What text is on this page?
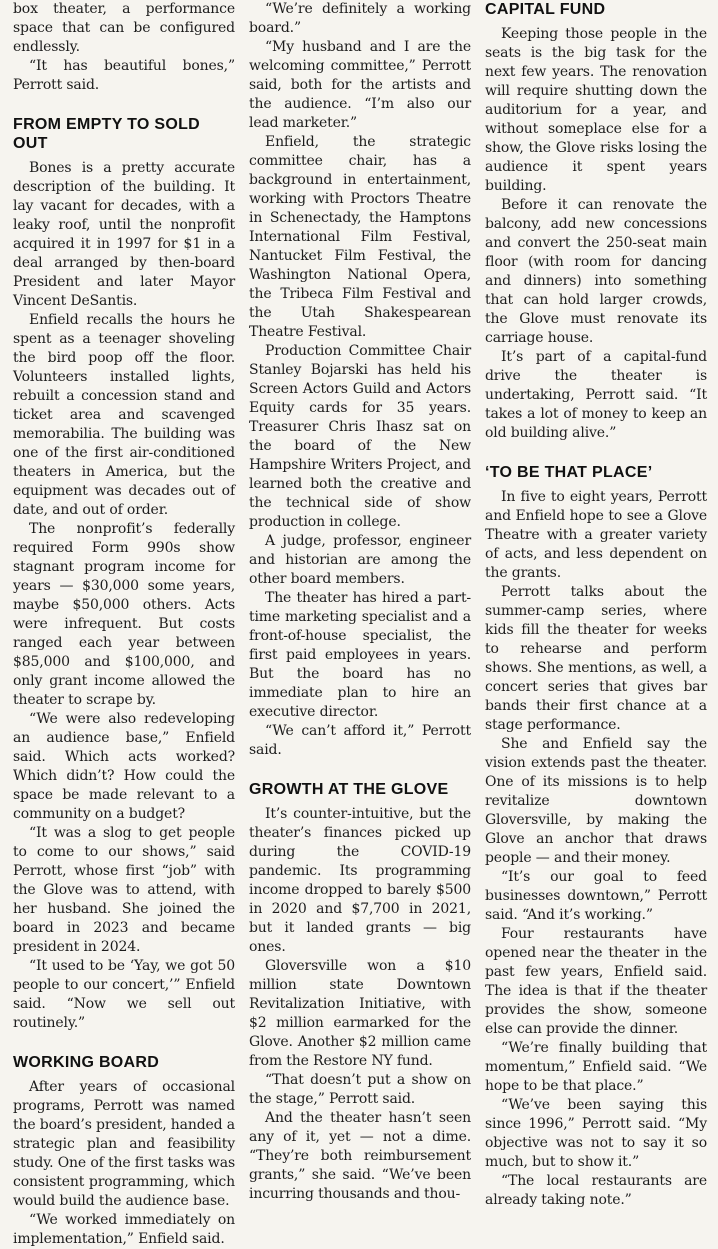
box theater, a performance space that can be configured endlessly.

“It has beautiful bones,” Perrott said.

FROM EMPTY TO SOLD OUT

Bones is a pretty accurate description of the building. It lay vacant for decades, with a leaky roof, until the nonprofit acquired it in 1997 for $1 in a deal arranged by then-board President and later Mayor Vincent DeSantis.

Enfield recalls the hours he spent as a teenager shoveling the bird poop off the floor. Volunteers installed lights, rebuilt a concession stand and ticket area and scavenged memorabilia. The building was one of the first air-conditioned theaters in America, but the equipment was decades out of date, and out of order.

The nonprofit’s federally required Form 990s show stagnant program income for years — $30,000 some years, maybe $50,000 others. Acts were infrequent. But costs ranged each year between $85,000 and $100,000, and only grant income allowed the theater to scrape by.

“We were also redeveloping an audience base,” Enfield said. Which acts worked? Which didn’t? How could the space be made relevant to a community on a budget?

“It was a slog to get people to come to our shows,” said Perrott, whose first “job” with the Glove was to attend, with her husband. She joined the board in 2023 and became president in 2024.

“It used to be ‘Yay, we got 50 people to our concert,’” Enfield said. “Now we sell out routinely.”

WORKING BOARD

After years of occasional programs, Perrott was named the board’s president, handed a strategic plan and feasibility study. One of the first tasks was consistent programming, which would build the audience base.

“We worked immediately on implementation,” Enfield said.

“We’re definitely a working board.”

“My husband and I are the welcoming committee,” Perrott said, both for the artists and the audience. “I’m also our lead marketer.”

Enfield, the strategic committee chair, has a background in entertainment, working with Proctors Theatre in Schenectady, the Hamptons International Film Festival, Nantucket Film Festival, the Washington National Opera, the Tribeca Film Festival and the Utah Shakespearean Theatre Festival.

Production Committee Chair Stanley Bojarski has held his Screen Actors Guild and Actors Equity cards for 35 years. Treasurer Chris Ihasz sat on the board of the New Hampshire Writers Project, and learned both the creative and the technical side of show production in college.

A judge, professor, engineer and historian are among the other board members.

The theater has hired a part-time marketing specialist and a front-of-house specialist, the first paid employees in years. But the board has no immediate plan to hire an executive director.

“We can’t afford it,” Perrott said.

GROWTH AT THE GLOVE

It’s counter-intuitive, but the theater’s finances picked up during the COVID-19 pandemic. Its programming income dropped to barely $500 in 2020 and $7,700 in 2021, but it landed grants — big ones.

Gloversville won a $10 million state Downtown Revitalization Initiative, with $2 million earmarked for the Glove. Another $2 million came from the Restore NY fund.

“That doesn’t put a show on the stage,” Perrott said.

And the theater hasn’t seen any of it, yet — not a dime. “They’re both reimbursement grants,” she said. “We’ve been incurring thousands and thou-

CAPITAL FUND

Keeping those people in the seats is the big task for the next few years. The renovation will require shutting down the auditorium for a year, and without someplace else for a show, the Glove risks losing the audience it spent years building.

Before it can renovate the balcony, add new concessions and convert the 250-seat main floor (with room for dancing and dinners) into something that can hold larger crowds, the Glove must renovate its carriage house.

It’s part of a capital-fund drive the theater is undertaking, Perrott said. “It takes a lot of money to keep an old building alive.”

‘TO BE THAT PLACE’

In five to eight years, Perrott and Enfield hope to see a Glove Theatre with a greater variety of acts, and less dependent on the grants.

Perrott talks about the summer-camp series, where kids fill the theater for weeks to rehearse and perform shows. She mentions, as well, a concert series that gives bar bands their first chance at a stage performance.

She and Enfield say the vision extends past the theater. One of its missions is to help revitalize downtown Gloversville, by making the Glove an anchor that draws people — and their money.

“It’s our goal to feed businesses downtown,” Perrott said. “And it’s working.”

Four restaurants have opened near the theater in the past few years, Enfield said. The idea is that if the theater provides the show, someone else can provide the dinner.

“We’re finally building that momentum,” Enfield said. “We hope to be that place.”

“We’ve been saying this since 1996,” Perrott said. “My objective was not to say it so much, but to show it.”

“The local restaurants are already taking note.”
